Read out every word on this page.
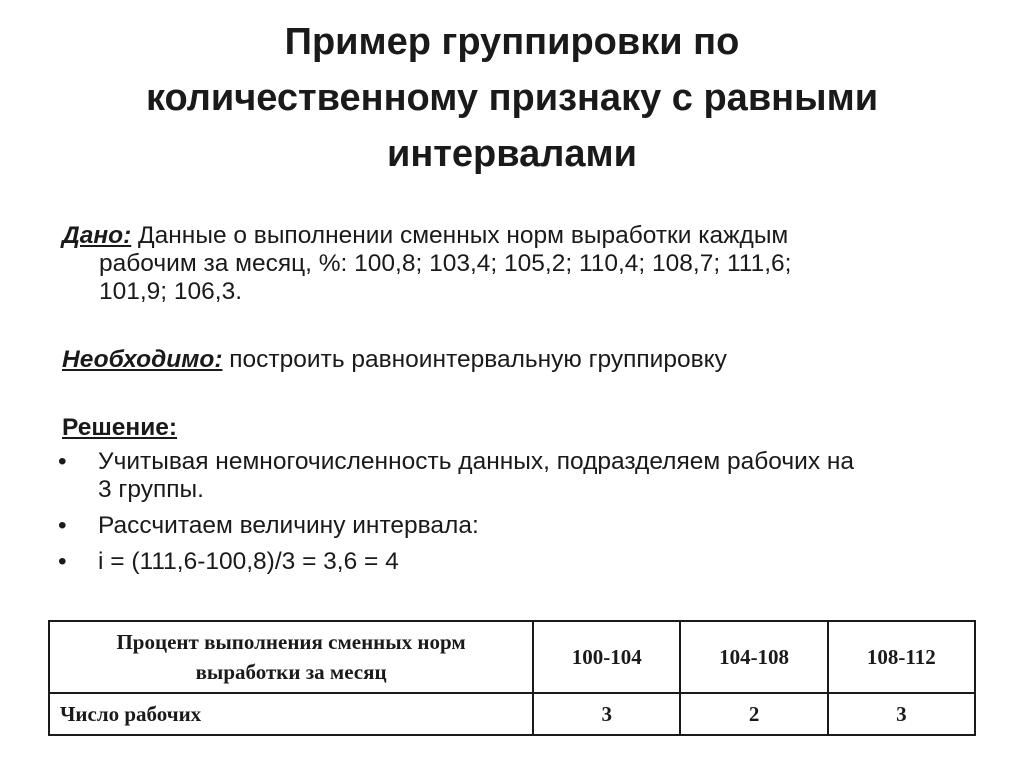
Пример группировки по
количественному признаку с равными
интервалами
Дано: Данные о выполнении сменных норм выработки каждым
рабочим за месяц, %: 100,8; 103,4; 105,2; 110,4; 108,7; 111,6;
101,9; 106,3.
Необходимо: построить равноинтервальную группировку
Решение:
•	Учитывая немногочисленность данных, подразделяем рабочих на
3 группы.
•	Рассчитаем величину интервала:
•	i = (111,6-100,8)/3 = 3,6 = 4
Процент выполнения сменных норм
выработки за месяц	100-104	104-108	108-112
Число рабочих	3	2	3
